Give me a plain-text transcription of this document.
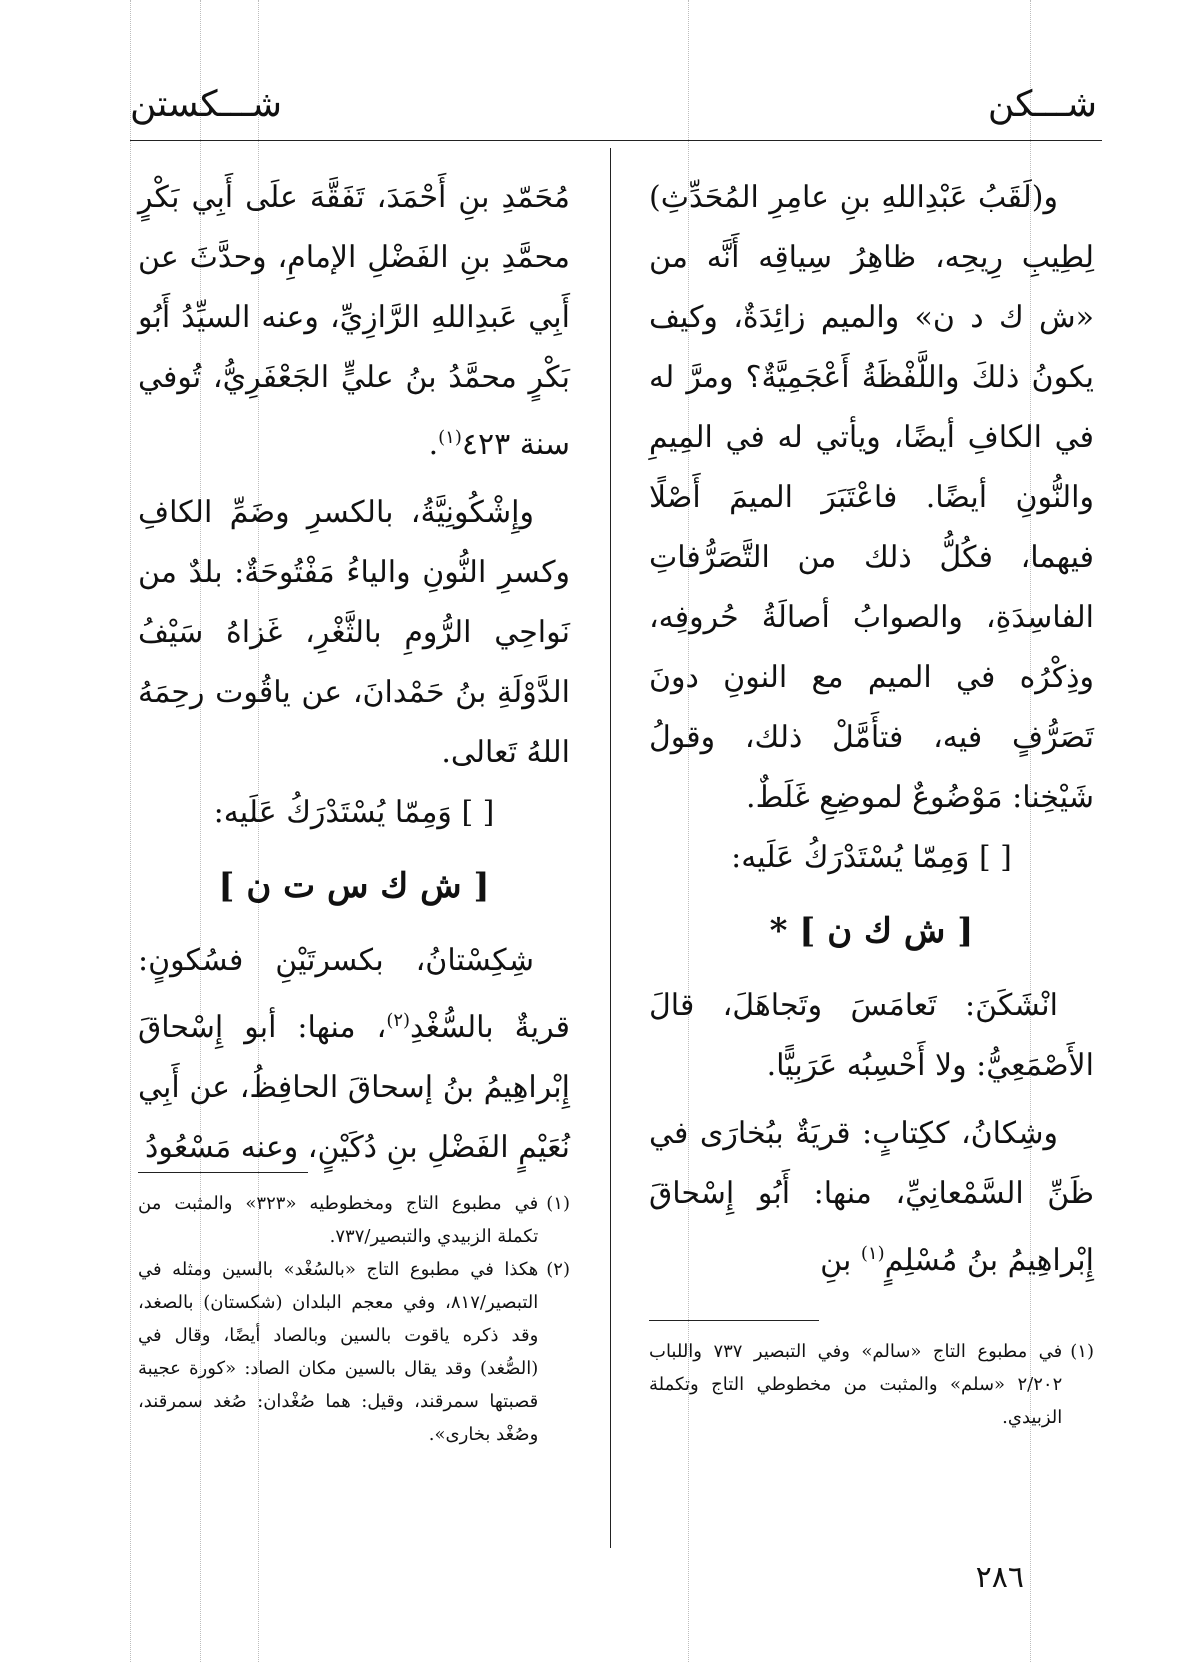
شـــكن
شـــكستن

و(لَقَبُ عَبْدِاللهِ بنِ عامِرِ المُحَدِّثِ) لِطِيبِ رِيحِه، ظاهِرُ سِياقِه أَنَّه من «ش ك د ن» والميم زائِدَةٌ، وكيف يكونُ ذلكَ واللَّفْظَةُ أَعْجَمِيَّةٌ؟ ومرَّ له في الكافِ أيضًا، ويأتي له في المِيمِ والنُّونِ أيضًا. فاعْتَبَرَ الميمَ أَصْلًا فيهما، فكُلُّ ذلك من التَّصَرُّفاتِ الفاسِدَةِ، والصوابُ أصالَةُ حُروفِه، وذِكْرُه في الميم مع النونِ دونَ تَصَرُّفٍ فيه، فتأَمَّلْ ذلك، وقولُ شَيْخِنا: مَوْضُوعٌ لموضِعِ غَلَطٌ.

[ ] وَمِمّا يُسْتَدْرَكُ عَلَيه:

[ ش ك ن ] *

انْشَكَنَ: تَعامَسَ وتَجاهَلَ، قالَ الأَصْمَعِيُّ: ولا أَحْسِبُه عَرَبِيًّا.

وشِكانُ، ككِتابٍ: قريَةٌ ببُخارَى في ظَنِّ السَّمْعانِيِّ، منها: أَبُو إِسْحاقَ إِبْراهِيمُ بنُ مُسْلِمٍ$^{(١)}$ بنِ

مُحَمّدِ بنِ أَحْمَدَ، تَفَقَّهَ علَى أَبِي بَكْرٍ محمَّدِ بنِ الفَضْلِ الإمامِ، وحدَّثَ عن أَبِي عَبدِاللهِ الرَّازِيِّ، وعنه السيِّدُ أَبُو بَكْرٍ محمَّدُ بنُ عليٍّ الجَعْفَرِيُّ، تُوفي سنة ٤٢٣$^{(١)}$.

وإِشْكُونِيَّةُ، بالكسرِ وضَمِّ الكافِ وكسرِ النُّونِ والياءُ مَفْتُوحَةٌ: بلدٌ من نَواحِي الرُّومِ بالثَّغْرِ، غَزاهُ سَيْفُ الدَّوْلَةِ بنُ حَمْدانَ، عن ياقُوت رحِمَهُ اللهُ تَعالى.

[ ] وَمِمّا يُسْتَدْرَكُ عَلَيه:

[ ش ك س ت ن ]

شِكِسْتانُ، بكسرتَيْنِ فسُكونٍ: قريةٌ بالسُّغْدِ$^{(٢)}$، منها: أبو إِسْحاقَ إِبْراهِيمُ بنُ إسحاقَ الحافِظُ، عن أَبِي نُعَيْمٍ الفَضْلِ بنِ دُكَيْنٍ، وعنه مَسْعُودُ

(١)
في مطبوع التاج ومخطوطيه «٣٢٣» والمثبت من تكملة الزبيدي والتبصير/٧٣٧.
(٢)
هكذا في مطبوع التاج «بالسُغْد» بالسين ومثله في التبصير/٨١٧، وفي معجم البلدان (شكستان) بالصغد، وقد ذكره ياقوت بالسين وبالصاد أيضًا، وقال في (الصُّغد) وقد يقال بالسين مكان الصاد: «كورة عجيبة قصبتها سمرقند، وقيل: هما صُغْدان: صُغد سمرقند، وصُغْد بخارى».
(١)
في مطبوع التاج «سالم» وفي التبصير ٧٣٧ واللباب ٢/٢٠٢ «سلم» والمثبت من مخطوطي التاج وتكملة الزبيدي.
٢٨٦
